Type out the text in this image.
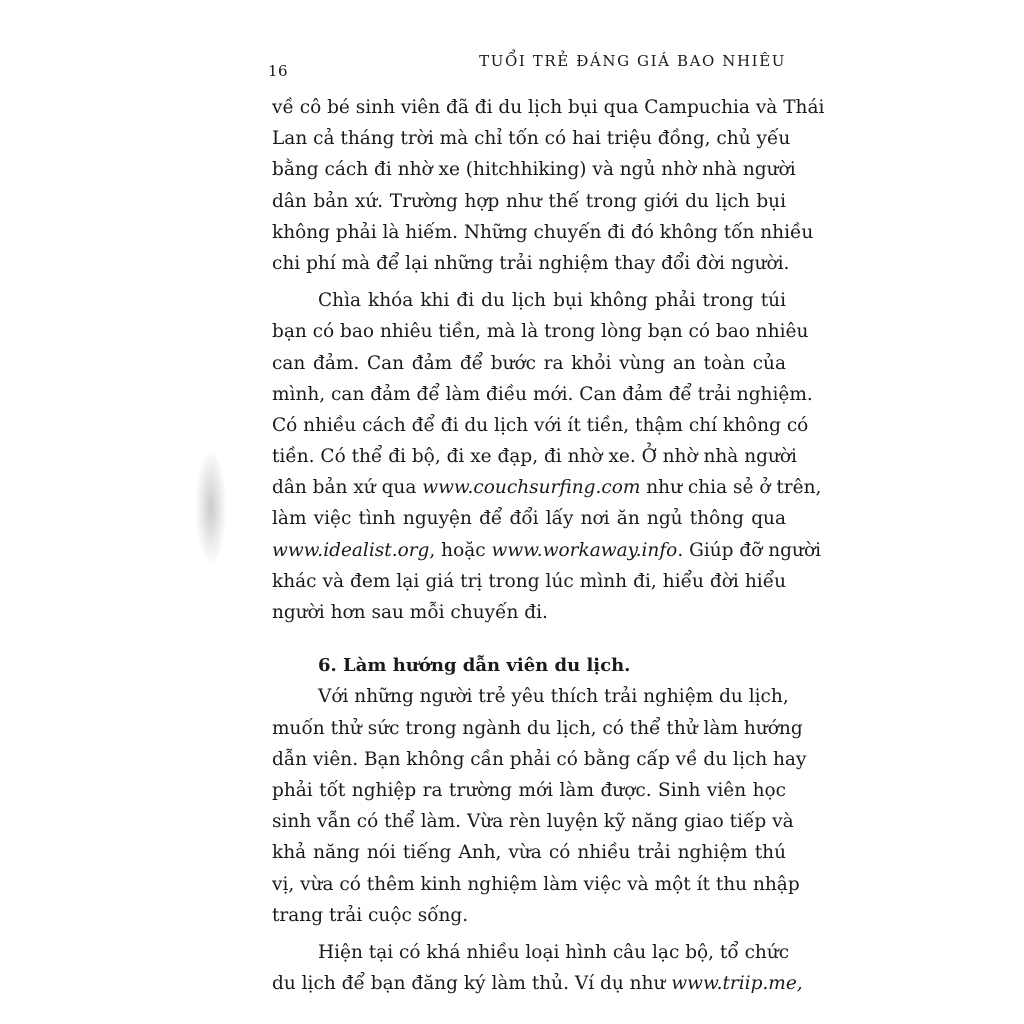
16
TUỔI TRẺ ĐÁNG GIÁ BAO NHIÊU
về cô bé sinh viên đã đi du lịch bụi qua Campuchia và Thái
Lan cả tháng trời mà chỉ tốn có hai triệu đồng, chủ yếu
bằng cách đi nhờ xe (hitchhiking) và ngủ nhờ nhà người
dân bản xứ. Trường hợp như thế trong giới du lịch bụi
không phải là hiếm. Những chuyến đi đó không tốn nhiều
chi phí mà để lại những trải nghiệm thay đổi đời người.
Chìa khóa khi đi du lịch bụi không phải trong túi
bạn có bao nhiêu tiền, mà là trong lòng bạn có bao nhiêu
can đảm. Can đảm để bước ra khỏi vùng an toàn của
mình, can đảm để làm điều mới. Can đảm để trải nghiệm.
Có nhiều cách để đi du lịch với ít tiền, thậm chí không có
tiền. Có thể đi bộ, đi xe đạp, đi nhờ xe. Ở nhờ nhà người
dân bản xứ qua www.couchsurfing.com như chia sẻ ở trên,
làm việc tình nguyện để đổi lấy nơi ăn ngủ thông qua
www.idealist.org, hoặc www.workaway.info. Giúp đỡ người
khác và đem lại giá trị trong lúc mình đi, hiểu đời hiểu
người hơn sau mỗi chuyến đi.
6. Làm hướng dẫn viên du lịch.
Với những người trẻ yêu thích trải nghiệm du lịch,
muốn thử sức trong ngành du lịch, có thể thử làm hướng
dẫn viên. Bạn không cần phải có bằng cấp về du lịch hay
phải tốt nghiệp ra trường mới làm được. Sinh viên học
sinh vẫn có thể làm. Vừa rèn luyện kỹ năng giao tiếp và
khả năng nói tiếng Anh, vừa có nhiều trải nghiệm thú
vị, vừa có thêm kinh nghiệm làm việc và một ít thu nhập
trang trải cuộc sống.
Hiện tại có khá nhiều loại hình câu lạc bộ, tổ chức
du lịch để bạn đăng ký làm thủ. Ví dụ như www.triip.me,
